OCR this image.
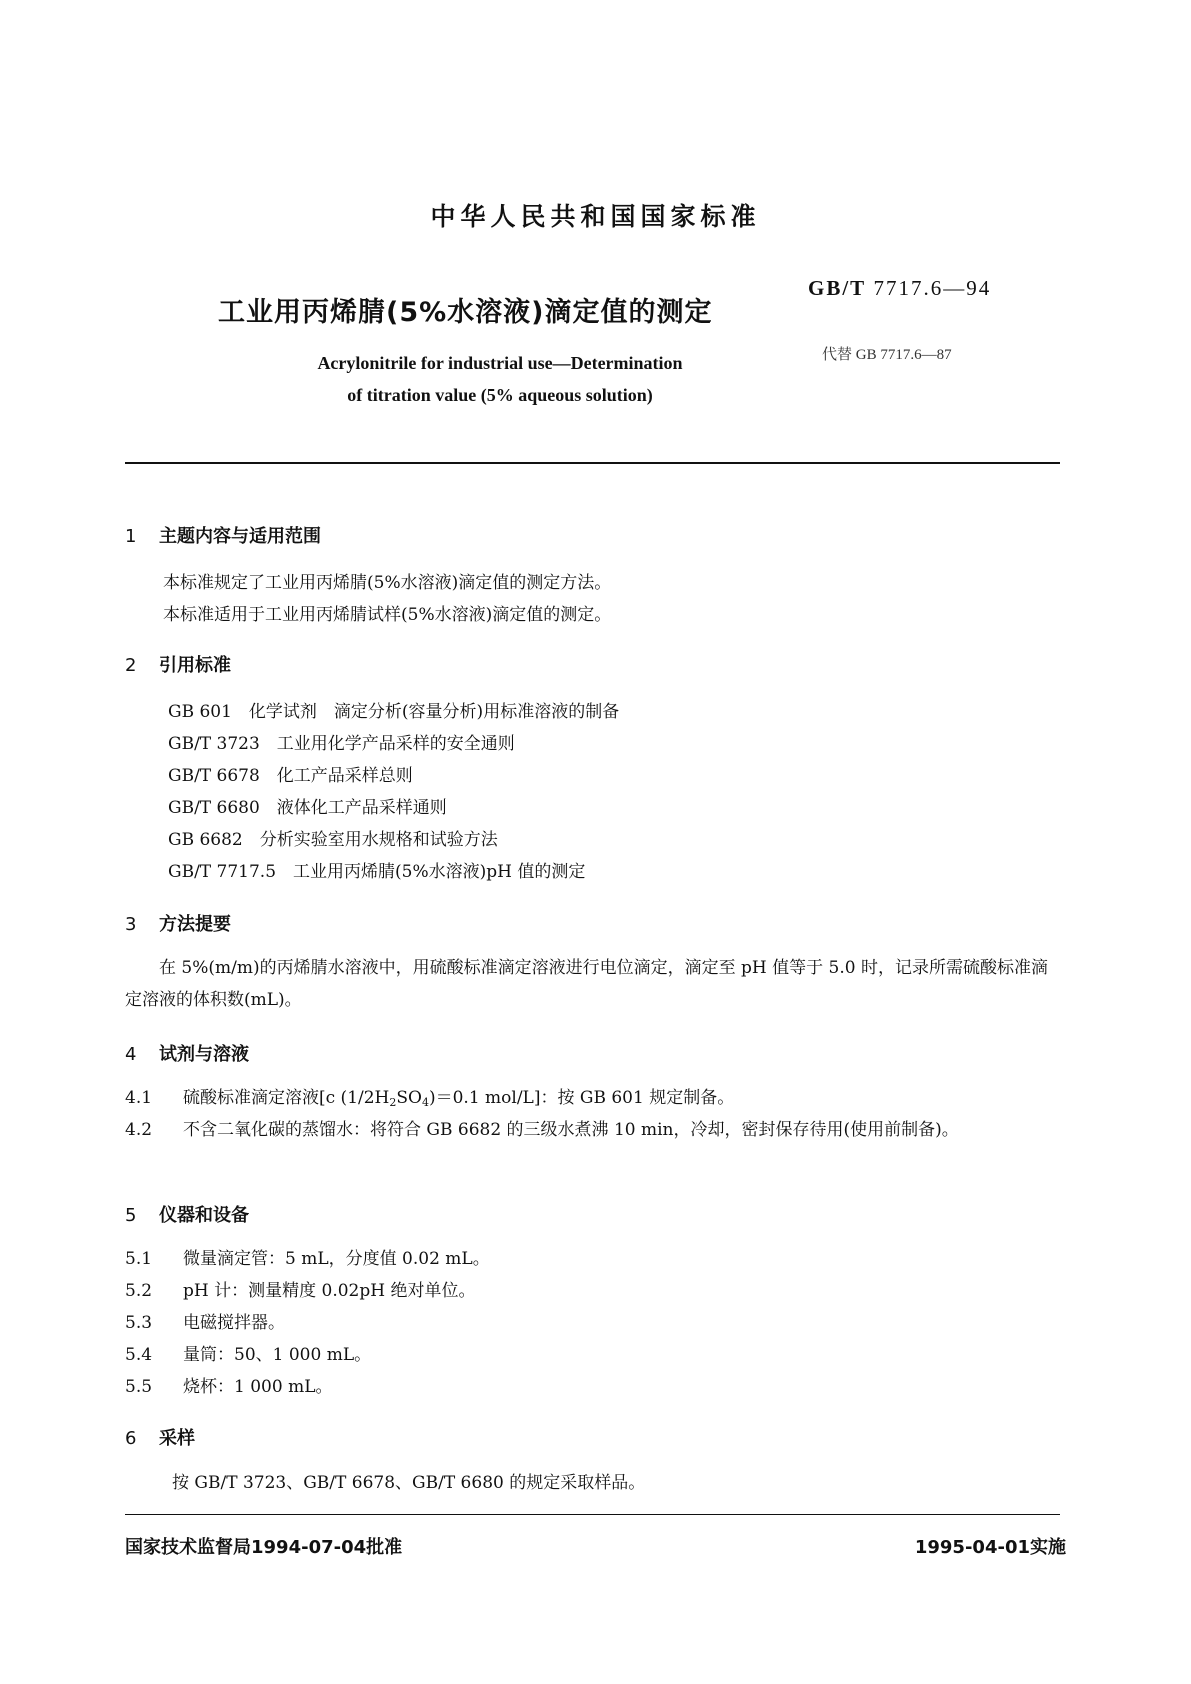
中华人民共和国国家标准
工业用丙烯腈(5%水溶液)滴定值的测定
GB/T 7717.6—94
代替 GB 7717.6—87
Acrylonitrile for industrial use—Determination
of titration value (5% aqueous solution)
1 主题内容与适用范围
本标准规定了工业用丙烯腈(5%水溶液)滴定值的测定方法。
本标准适用于工业用丙烯腈试样(5%水溶液)滴定值的测定。
2 引用标准
GB 601　化学试剂　滴定分析(容量分析)用标准溶液的制备
GB/T 3723　工业用化学产品采样的安全通则
GB/T 6678　化工产品采样总则
GB/T 6680　液体化工产品采样通则
GB 6682　分析实验室用水规格和试验方法
GB/T 7717.5　工业用丙烯腈(5%水溶液)pH 值的测定
3 方法提要
在 5%(m/m)的丙烯腈水溶液中，用硫酸标准滴定溶液进行电位滴定，滴定至 pH 值等于 5.0 时，记录所需硫酸标准滴定溶液的体积数(mL)。
4 试剂与溶液
4.1 硫酸标准滴定溶液[c $(1/2H_2SO_4)=0.1$ mol/L]：按 GB 601 规定制备。
4.2 不含二氧化碳的蒸馏水：将符合 GB 6682 的三级水煮沸 10 min，冷却，密封保存待用(使用前制备)。
5 仪器和设备
5.1 微量滴定管：5 mL，分度值 0.02 mL。
5.2 pH 计：测量精度 0.02pH 绝对单位。
5.3 电磁搅拌器。
5.4 量筒：50、1 000 mL。
5.5 烧杯：1 000 mL。
6 采样
按 GB/T 3723、GB/T 6678、GB/T 6680 的规定采取样品。
国家技术监督局1994-07-04批准	1995-04-01实施
